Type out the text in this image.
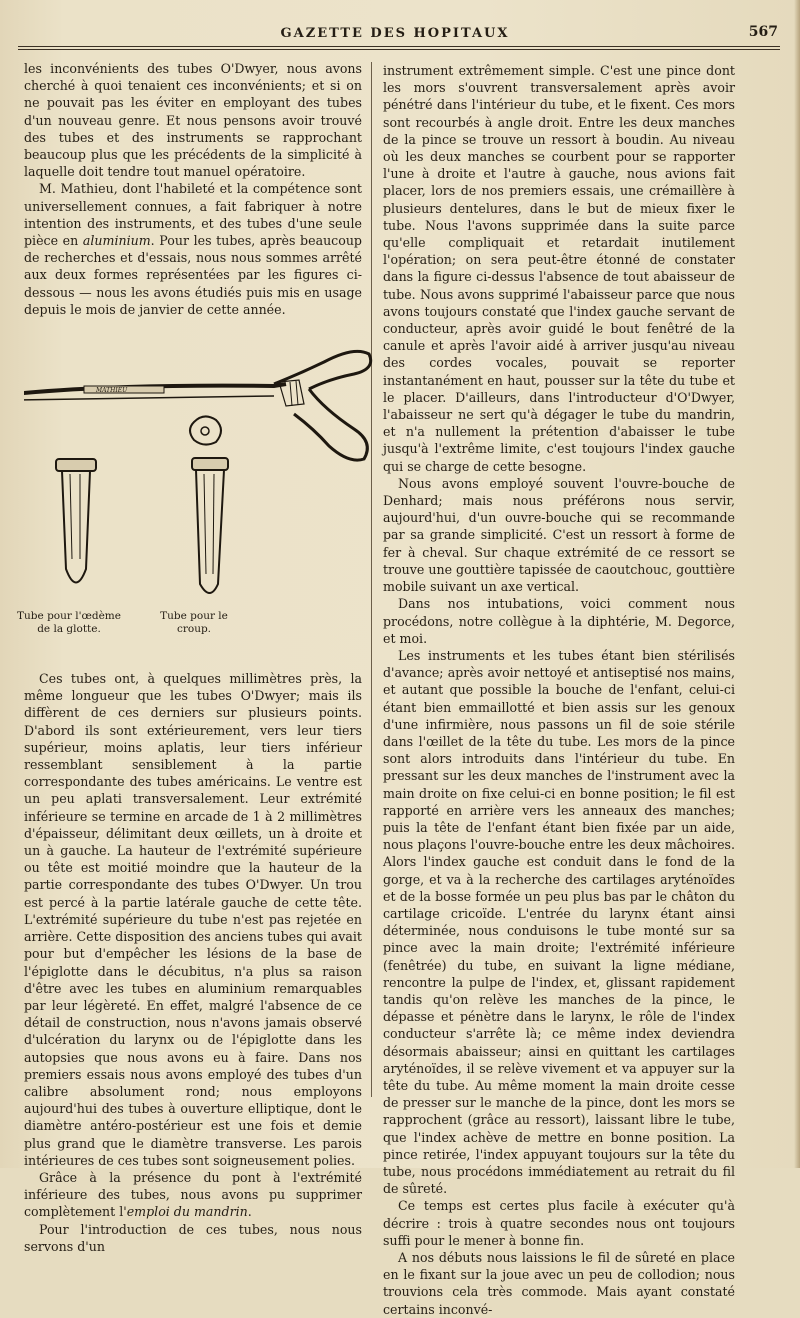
GAZETTE DES HOPITAUX	567

les inconvénients des tubes O'Dwyer, nous avons cherché à quoi tenaient ces inconvénients; et si on ne pouvait pas les éviter en employant des tubes d'un nouveau genre. Et nous pensons avoir trouvé des tubes et des instruments se rapprochant beaucoup plus que les précédents de la simplicité à laquelle doit tendre tout manuel opératoire.

M. Mathieu, dont l'habileté et la compétence sont universellement connues, a fait fabriquer à notre intention des instruments, et des tubes d'une seule pièce en aluminium. Pour les tubes, après beaucoup de recherches et d'essais, nous nous sommes arrêté aux deux formes représentées par les figures ci-dessous — nous les avons étudiés puis mis en usage depuis le mois de janvier de cette année.

MATHIEU
Tube pour l'œdème de la glotte.
Tube pour le croup.

Ces tubes ont, à quelques millimètres près, la même longueur que les tubes O'Dwyer; mais ils diffèrent de ces derniers sur plusieurs points. D'abord ils sont extérieurement, vers leur tiers supérieur, moins aplatis, leur tiers inférieur ressemblant sensiblement à la partie correspondante des tubes américains. Le ventre est un peu aplati transversalement. Leur extrémité inférieure se termine en arcade de 1 à 2 millimètres d'épaisseur, délimitant deux œillets, un à droite et un à gauche. La hauteur de l'extrémité supérieure ou tête est moitié moindre que la hauteur de la partie correspondante des tubes O'Dwyer. Un trou est percé à la partie latérale gauche de cette tête. L'extrémité supérieure du tube n'est pas rejetée en arrière. Cette disposition des anciens tubes qui avait pour but d'empêcher les lésions de la base de l'épiglotte dans le décubitus, n'a plus sa raison d'être avec les tubes en aluminium remarquables par leur légèreté. En effet, malgré l'absence de ce détail de construction, nous n'avons jamais observé d'ulcération du larynx ou de l'épiglotte dans les autopsies que nous avons eu à faire. Dans nos premiers essais nous avons employé des tubes d'un calibre absolument rond; nous employons aujourd'hui des tubes à ouverture elliptique, dont le diamètre antéro-postérieur est une fois et demie plus grand que le diamètre transverse. Les parois intérieures de ces tubes sont soigneusement polies.

Grâce à la présence du pont à l'extrémité inférieure des tubes, nous avons pu supprimer complètement l'emploi du mandrin.

Pour l'introduction de ces tubes, nous nous servons d'un

instrument extrêmement simple. C'est une pince dont les mors s'ouvrent transversalement après avoir pénétré dans l'intérieur du tube, et le fixent. Ces mors sont recourbés à angle droit. Entre les deux manches de la pince se trouve un ressort à boudin. Au niveau où les deux manches se courbent pour se rapporter l'une à droite et l'autre à gauche, nous avions fait placer, lors de nos premiers essais, une crémaillère à plusieurs dentelures, dans le but de mieux fixer le tube. Nous l'avons supprimée dans la suite parce qu'elle compliquait et retardait inutilement l'opération; on sera peut-être étonné de constater dans la figure ci-dessus l'absence de tout abaisseur de tube. Nous avons supprimé l'abaisseur parce que nous avons toujours constaté que l'index gauche servant de conducteur, après avoir guidé le bout fenêtré de la canule et après l'avoir aidé à arriver jusqu'au niveau des cordes vocales, pouvait se reporter instantanément en haut, pousser sur la tête du tube et le placer. D'ailleurs, dans l'introducteur d'O'Dwyer, l'abaisseur ne sert qu'à dégager le tube du mandrin, et n'a nullement la prétention d'abaisser le tube jusqu'à l'extrême limite, c'est toujours l'index gauche qui se charge de cette besogne.

Nous avons employé souvent l'ouvre-bouche de Denhard; mais nous préférons nous servir, aujourd'hui, d'un ouvre-bouche qui se recommande par sa grande simplicité. C'est un ressort à forme de fer à cheval. Sur chaque extrémité de ce ressort se trouve une gouttière tapissée de caoutchouc, gouttière mobile suivant un axe vertical.

Dans nos intubations, voici comment nous procédons, notre collègue à la diphtérie, M. Degorce, et moi.

Les instruments et les tubes étant bien stérilisés d'avance; après avoir nettoyé et antiseptisé nos mains, et autant que possible la bouche de l'enfant, celui-ci étant bien emmaillotté et bien assis sur les genoux d'une infirmière, nous passons un fil de soie stérile dans l'œillet de la tête du tube. Les mors de la pince sont alors introduits dans l'intérieur du tube. En pressant sur les deux manches de l'instrument avec la main droite on fixe celui-ci en bonne position; le fil est rapporté en arrière vers les anneaux des manches; puis la tête de l'enfant étant bien fixée par un aide, nous plaçons l'ouvre-bouche entre les deux mâchoires. Alors l'index gauche est conduit dans le fond de la gorge, et va à la recherche des cartilages aryténoïdes et de la bosse formée un peu plus bas par le châton du cartilage cricoïde. L'entrée du larynx étant ainsi déterminée, nous conduisons le tube monté sur sa pince avec la main droite; l'extrémité inférieure (fenêtrée) du tube, en suivant la ligne médiane, rencontre la pulpe de l'index, et, glissant rapidement tandis qu'on relève les manches de la pince, le dépasse et pénètre dans le larynx, le rôle de l'index conducteur s'arrête là; ce même index deviendra désormais abaisseur; ainsi en quittant les cartilages aryténoïdes, il se relève vivement et va appuyer sur la tête du tube. Au même moment la main droite cesse de presser sur le manche de la pince, dont les mors se rapprochent (grâce au ressort), laissant libre le tube, que l'index achève de mettre en bonne position. La pince retirée, l'index appuyant toujours sur la tête du tube, nous procédons immédiatement au retrait du fil de sûreté.

Ce temps est certes plus facile à exécuter qu'à décrire : trois à quatre secondes nous ont toujours suffi pour le mener à bonne fin.

A nos débuts nous laissions le fil de sûreté en place en le fixant sur la joue avec un peu de collodion; nous trouvions cela très commode. Mais ayant constaté certains inconvé-
